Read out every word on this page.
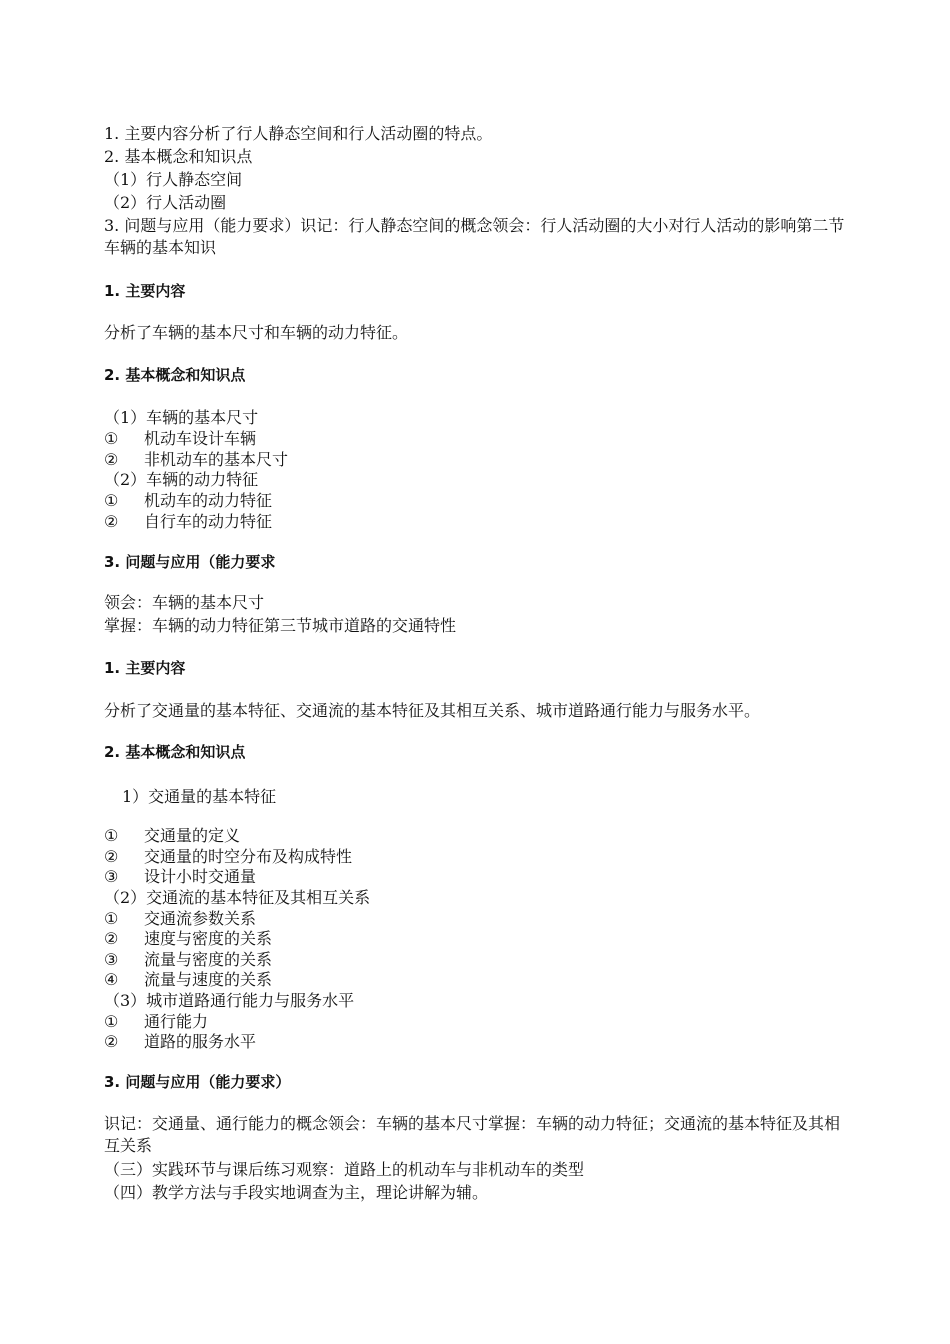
1. 主要内容分析了行人静态空间和行人活动圈的特点。
2. 基本概念和知识点
（1）行人静态空间
（2）行人活动圈
3. 问题与应用（能力要求）识记：行人静态空间的概念领会：行人活动圈的大小对行人活动的影响第二节车辆的基本知识
1. 主要内容
分析了车辆的基本尺寸和车辆的动力特征。
2. 基本概念和知识点
（1）车辆的基本尺寸
① 机动车设计车辆
② 非机动车的基本尺寸
（2）车辆的动力特征
① 机动车的动力特征
② 自行车的动力特征
3. 问题与应用（能力要求
领会：车辆的基本尺寸
掌握：车辆的动力特征第三节城市道路的交通特性
1. 主要内容
分析了交通量的基本特征、交通流的基本特征及其相互关系、城市道路通行能力与服务水平。
2. 基本概念和知识点
1）交通量的基本特征
① 交通量的定义
② 交通量的时空分布及构成特性
③ 设计小时交通量
（2）交通流的基本特征及其相互关系
① 交通流参数关系
② 速度与密度的关系
③ 流量与密度的关系
④ 流量与速度的关系
（3）城市道路通行能力与服务水平
① 通行能力
② 道路的服务水平
3. 问题与应用（能力要求）
识记：交通量、通行能力的概念领会：车辆的基本尺寸掌握：车辆的动力特征；交通流的基本特征及其相互关系
（三）实践环节与课后练习观察：道路上的机动车与非机动车的类型
（四）教学方法与手段实地调查为主，理论讲解为辅。
